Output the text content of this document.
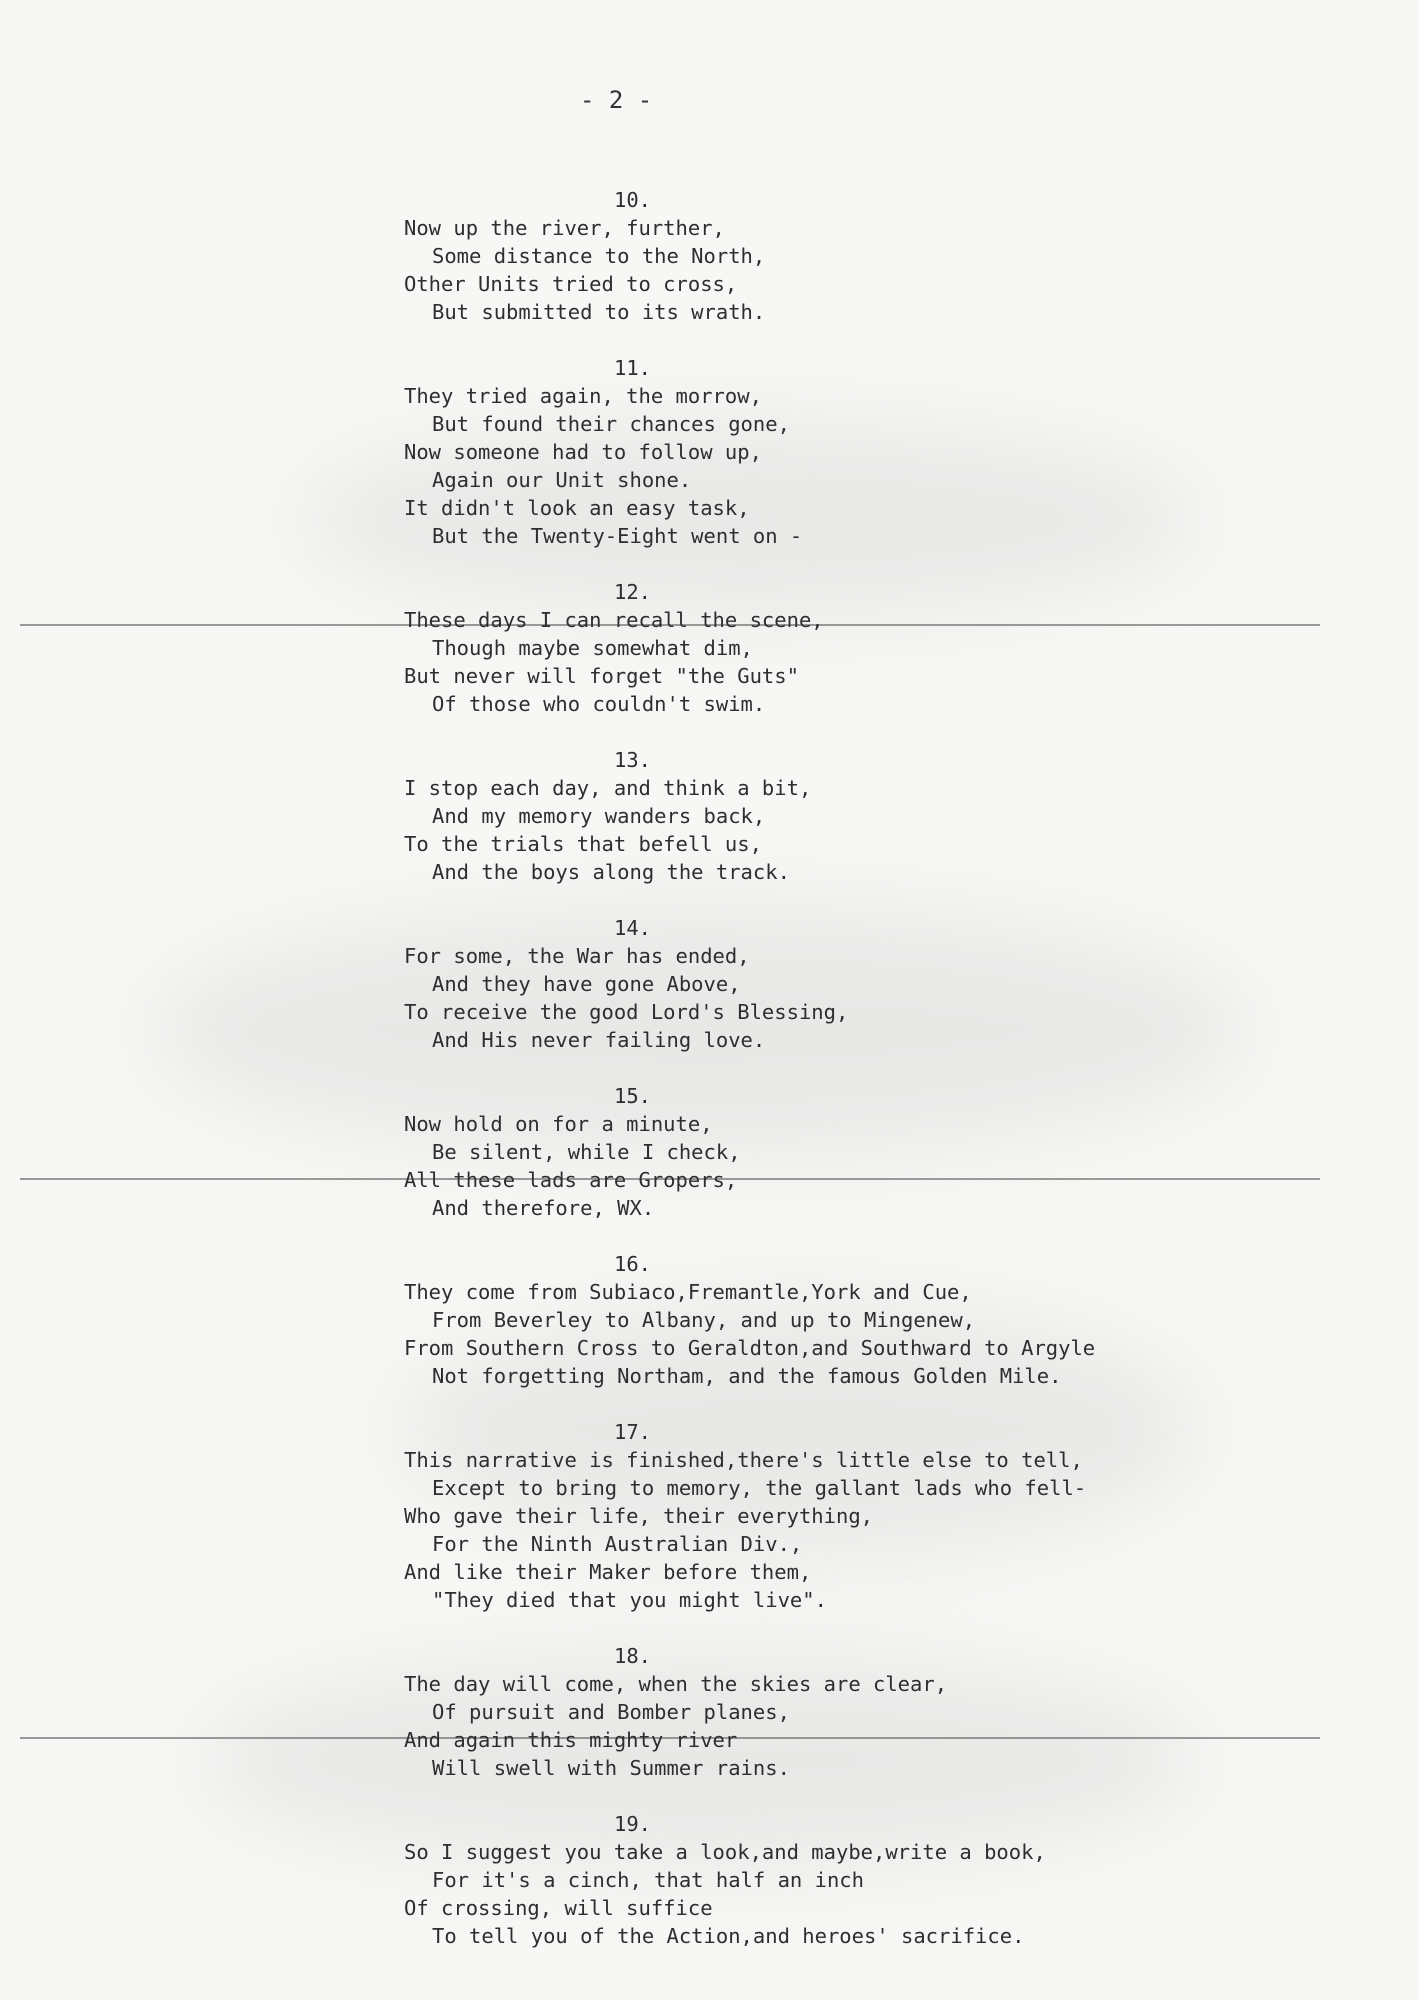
- 2 -
10.
Now up the river, further,
Some distance to the North,
Other Units tried to cross,
But submitted to its wrath.
11.
They tried again, the morrow,
But found their chances gone,
Now someone had to follow up,
Again our Unit shone.
It didn't look an easy task,
But the Twenty-Eight went on -
12.
These days I can recall the scene,
Though maybe somewhat dim,
But never will forget "the Guts"
Of those who couldn't swim.
13.
I stop each day, and think a bit,
And my memory wanders back,
To the trials that befell us,
And the boys along the track.
14.
For some, the War has ended,
And they have gone Above,
To receive the good Lord's Blessing,
And His never failing love.
15.
Now hold on for a minute,
Be silent, while I check,
All these lads are Gropers,
And therefore, WX.
16.
They come from Subiaco,Fremantle,York and Cue,
From Beverley to Albany, and up to Mingenew,
From Southern Cross to Geraldton,and Southward to Argyle
Not forgetting Northam, and the famous Golden Mile.
17.
This narrative is finished,there's little else to tell,
Except to bring to memory, the gallant lads who fell-
Who gave their life, their everything,
For the Ninth Australian Div.,
And like their Maker before them,
"They died that you might live".
18.
The day will come, when the skies are clear,
Of pursuit and Bomber planes,
And again this mighty river
Will swell with Summer rains.
19.
So I suggest you take a look,and maybe,write a book,
For it's a cinch, that half an inch
Of crossing, will suffice
To tell you of the Action,and heroes' sacrifice.
